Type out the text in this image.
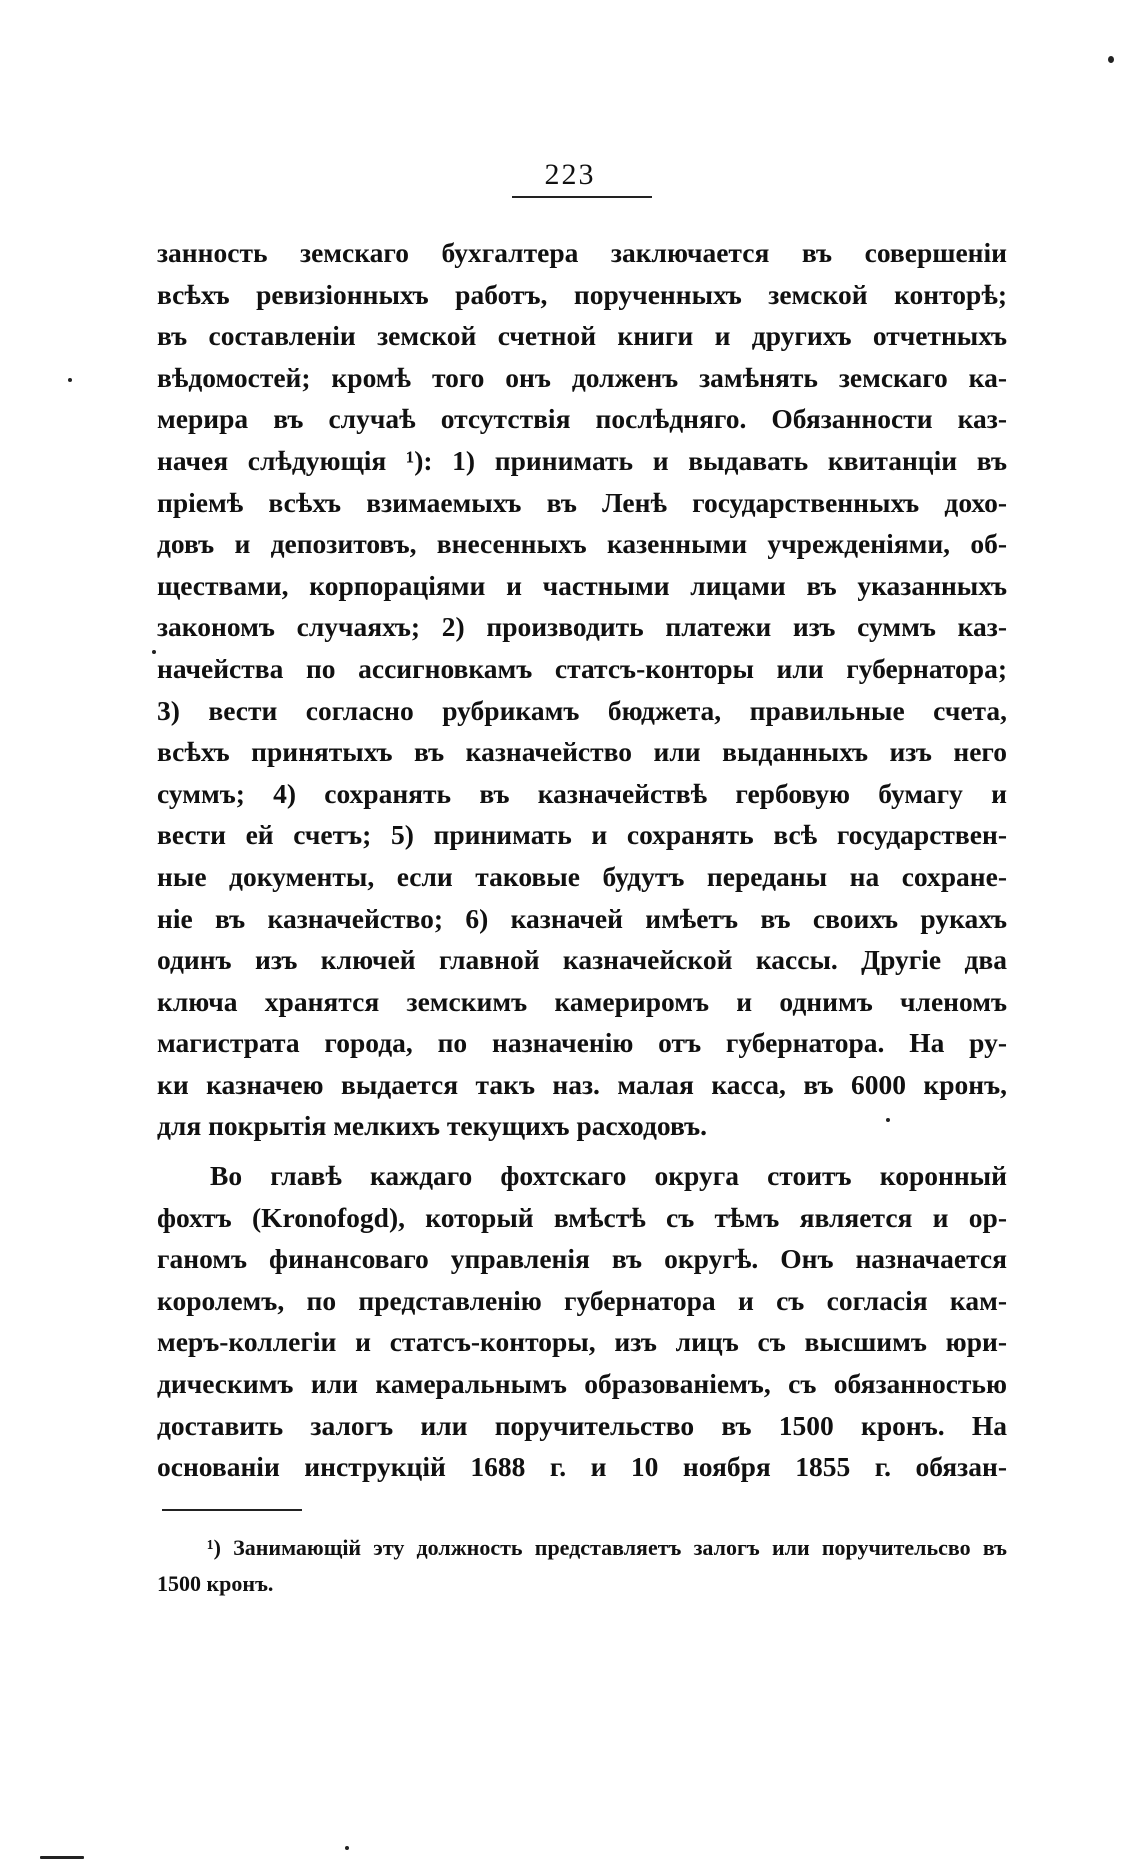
223
занность земскаго бухгалтера заключается въ совершеніи
всѣхъ ревизіонныхъ работъ, порученныхъ земской конторѣ;
въ составленіи земской счетной книги и другихъ отчетныхъ
вѣдомостей; кромѣ того онъ долженъ замѣнять земскаго ка-
мерира въ случаѣ отсутствія послѣдняго. Обязанности каз-
начея слѣдующія ¹): 1) принимать и выдавать квитанціи въ
пріемѣ всѣхъ взимаемыхъ въ Ленѣ государственныхъ дохо-
довъ и депозитовъ, внесенныхъ казенными учрежденіями, об-
ществами, корпораціями и частными лицами въ указанныхъ
закономъ случаяхъ; 2) производить платежи изъ суммъ каз-
начейства по ассигновкамъ статсъ-конторы или губернатора;
3) вести согласно рубрикамъ бюджета, правильные счета,
всѣхъ принятыхъ въ казначейство или выданныхъ изъ него
суммъ; 4) сохранять въ казначействѣ гербовую бумагу и
вести ей счетъ; 5) принимать и сохранять всѣ государствен-
ные документы, если таковые будутъ переданы на сохране-
ніе въ казначейство; 6) казначей имѣетъ въ своихъ рукахъ
одинъ изъ ключей главной казначейской кассы. Другіе два
ключа хранятся земскимъ камериромъ и однимъ членомъ
магистрата города, по назначенію отъ губернатора. На ру-
ки казначею выдается такъ наз. малая касса, въ 6000 кронъ,
для покрытія мелкихъ текущихъ расходовъ.
Во главѣ каждаго фохтскаго округа стоитъ коронный
фохтъ (Kronofogd), который вмѣстѣ съ тѣмъ является и ор-
ганомъ финансоваго управленія въ округѣ. Онъ назначается
королемъ, по представленію губернатора и съ согласія кам-
меръ-коллегіи и статсъ-конторы, изъ лицъ съ высшимъ юри-
дическимъ или камеральнымъ образованіемъ, съ обязанностью
доставить залогъ или поручительство въ 1500 кронъ. На
основаніи инструкцій 1688 г. и 10 ноября 1855 г. обязан-
¹) Занимающій эту должность представляетъ залогъ или поручительсво въ
1500 кронъ.
